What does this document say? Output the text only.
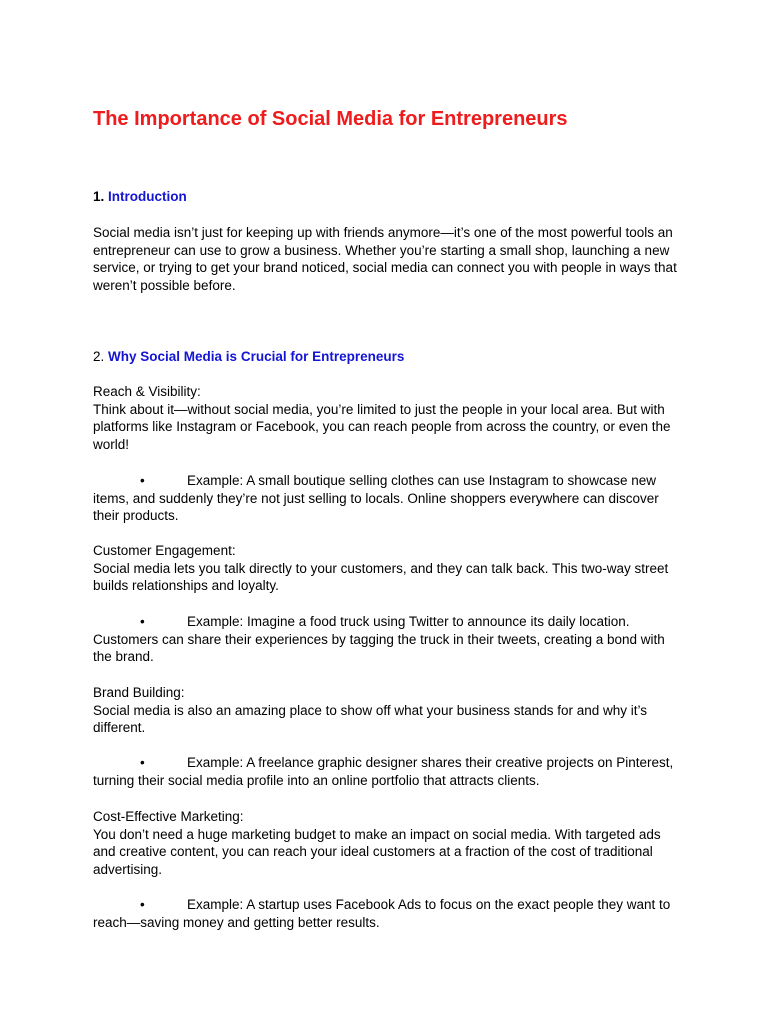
The Importance of Social Media for Entrepreneurs
1. Introduction

Social media isn’t just for keeping up with friends anymore—it’s one of the most powerful tools an entrepreneur can use to grow a business. Whether you’re starting a small shop, launching a new service, or trying to get your brand noticed, social media can connect you with people in ways that weren’t possible before.

2. Why Social Media is Crucial for Entrepreneurs

Reach & Visibility:
Think about it—without social media, you’re limited to just the people in your local area. But with platforms like Instagram or Facebook, you can reach people from across the country, or even the world!

•	Example: A small boutique selling clothes can use Instagram to showcase new items, and suddenly they’re not just selling to locals. Online shoppers everywhere can discover their products.

Customer Engagement:
Social media lets you talk directly to your customers, and they can talk back. This two-way street builds relationships and loyalty.

•	Example: Imagine a food truck using Twitter to announce its daily location. Customers can share their experiences by tagging the truck in their tweets, creating a bond with the brand.

Brand Building:
Social media is also an amazing place to show off what your business stands for and why it’s different.

•	Example: A freelance graphic designer shares their creative projects on Pinterest, turning their social media profile into an online portfolio that attracts clients.

Cost-Effective Marketing:
You don’t need a huge marketing budget to make an impact on social media. With targeted ads and creative content, you can reach your ideal customers at a fraction of the cost of traditional advertising.

•	Example: A startup uses Facebook Ads to focus on the exact people they want to reach—saving money and getting better results.
